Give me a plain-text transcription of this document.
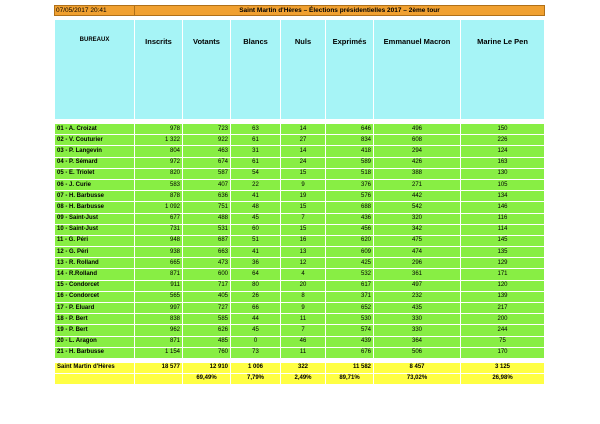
07/05/2017 20:41	Saint Martin d'Hères – Élections présidentielles 2017 – 2ème tour						

BUREAUX	Inscrits	Votants	Blancs	Nuls	Exprimés	Emmanuel Macron	Marine Le Pen

01 - A. Croizat	978	723	63	14	646	496	150
02 - V. Couturier	1 322	922	61	27	834	608	226
03 - P. Langevin	804	463	31	14	418	294	124
04 - P. Sémard	972	674	61	24	589	426	163
05 - E. Triolet	820	587	54	15	518	388	130
06 - J. Curie	583	407	22	9	376	271	105
07 - H. Barbusse	878	636	41	19	576	442	134
08 - H. Barbusse	1 092	751	48	15	688	542	146
09 - Saint-Just	677	488	45	7	436	320	116
10 - Saint-Just	731	531	60	15	456	342	114
11 - G. Péri	948	687	51	16	620	475	145
12 - G. Péri	938	663	41	13	609	474	135
13 - R. Rolland	665	473	36	12	425	296	129
14 - R.Rolland	871	600	64	4	532	361	171
15 - Condorcet	911	717	80	20	617	497	120
16 - Condorcet	565	405	26	8	371	232	139
17 - P. Eluard	997	727	66	9	652	435	217
18 - P. Bert	838	585	44	11	530	330	200
19 - P. Bert	962	626	45	7	574	330	244
20 - L. Aragon	871	485	0	46	439	364	75
21 - H. Barbusse	1 154	760	73	11	676	506	170

Saint Martin d'Hères	18 577	12 910	1 006	322	11 582	8 457	3 125
		69,49%	7,79%	2,49%	89,71%	73,02%	26,98%
